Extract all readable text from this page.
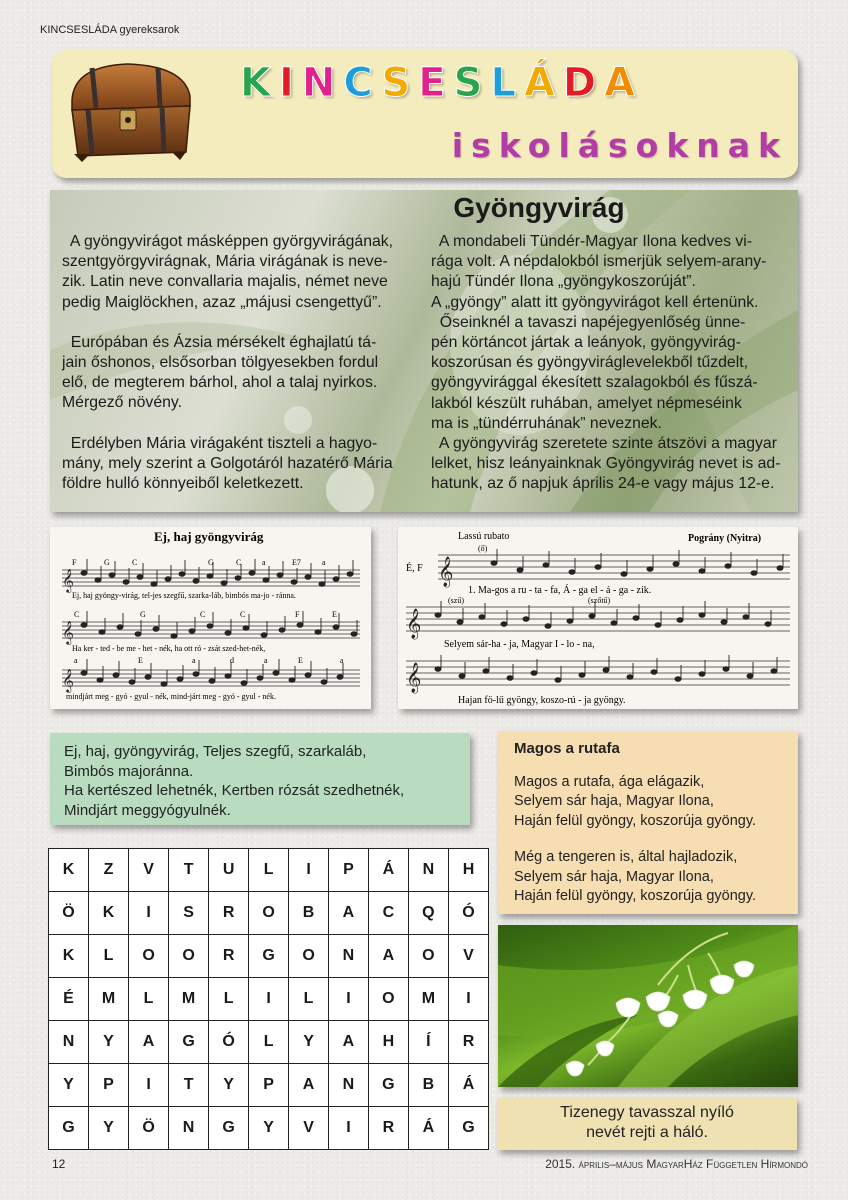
KINCSESLÁDA gyereksarok
KINCSESLÁDA
iskolásoknak
Gyöngyvirág

A gyöngyvirágot másképpen györgyvirágának,

szentgyörgyvirágnak, Mária virágának is neve-

zik. Latin neve convallaria majalis, német neve

pedig Maiglöckhen, azaz „májusi csengettyű”.

Európában és Ázsia mérsékelt éghajlatú tá-

jain őshonos, elsősorban tölgyesekben fordul

elő, de megterem bárhol, ahol a talaj nyirkos.

Mérgező növény.

Erdélyben Mária virágaként tiszteli a hagyo-

mány, mely szerint a Golgotáról hazatérő Mária

földre hulló könnyeiből keletkezett.

A mondabeli Tündér-Magyar Ilona kedves vi-

rága volt. A népdalokból ismerjük selyem-arany-

hajú Tündér Ilona „gyöngykoszorúját”.

A „gyöngy” alatt itt gyöngyvirágot kell értenünk.

Őseinknél a tavaszi napéjegyenlőség ünne-

pén körtáncot jártak a leányok, gyöngyvirág-

koszorúsan és gyöngyviráglevelekből tűzdelt,

gyöngyvirággal ékesített szalagokból és fűszá-

lakból készült ruhában, amelyet népmeséink

ma is „tündérruhának” neveznek.

A gyöngyvirág szeretete szinte átszövi a magyar

lelket, hisz leányainknak Gyöngyvirág nevet is ad-

hatunk, az ő napjuk április 24-e vagy május 12-e.

Ej, haj gyöngyvirág
𝄞
𝄞
𝄞
F	G	C	G	C	a	E7	a
C	G	C	C	F	E
a	E	a	d	a	E	a
Ej, haj gyöngy-virág, tel-jes szegfű, szarka-láb, bimbós ma-jo - ránna.
Ha ker - ted - be me - het - nék, ha ott ró - zsát szed-het-nék,
mindjárt meg - gyó - gyul - nék, mind-járt meg - gyó - gyul - nék.
Lassú rubato	Pográny (Nyitra)
É, F 𝄞
𝄞
𝄞
(ő)
(szű)	(szőtű)
1. Ma-gos a ru - ta - fa, Á - ga el - á - ga - zik.
Selyem sár-ha - ja, Magyar I - lo - na,
Hajan fö-lű gyöngy, koszo-rú - ja gyöngy.

Ej, haj, gyöngyvirág, Teljes szegfű, szarkaláb,

Bimbós majoránna.

Ha kertészed lehetnék, Kertben rózsát szedhetnék,

Mindjárt meggyógyulnék.

Magos a rutafa

Magos a rutafa, ága elágazik,

Selyem sár haja, Magyar Ilona,

Haján felül gyöngy, koszorúja gyöngy.

Még a tengeren is, által hajladozik,

Selyem sár haja, Magyar Ilona,

Haján felül gyöngy, koszorúja gyöngy.

K	Z	V	T	U	L	I	P	Á	N	H
Ö	K	I	S	R	O	B	A	C	Q	Ó
K	L	O	O	R	G	O	N	A	O	V
É	M	L	M	L	I	L	I	O	M	I
N	Y	A	G	Ó	L	Y	A	H	Í	R
Y	P	I	T	Y	P	A	N	G	B	Á
G	Y	Ö	N	G	Y	V	I	R	Á	G
Tizenegy tavasszal nyíló
nevét rejti a háló.
12	2015. április–május MagyarHáz Független Hírmondó
